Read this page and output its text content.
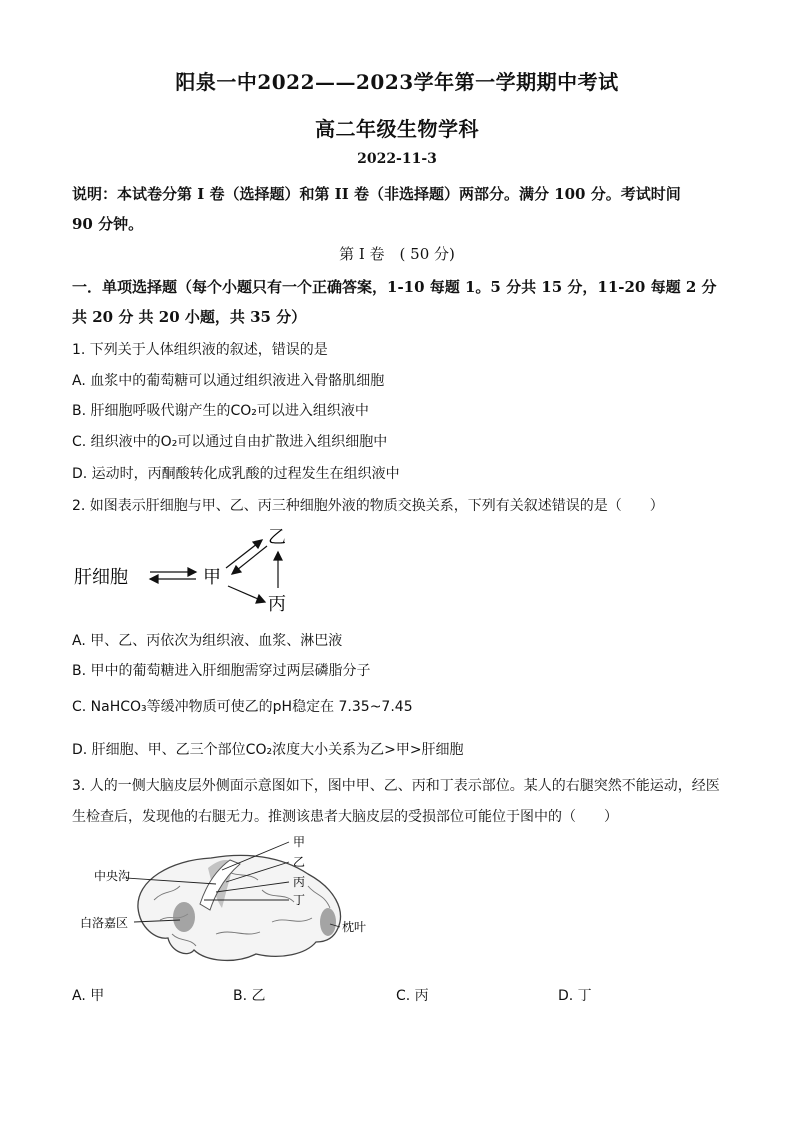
阳泉一中2022——2023学年第一学期期中考试
高二年级生物学科
2022-11-3
说明：本试卷分第 I 卷（选择题）和第 II 卷（非选择题）两部分。满分 100 分。考试时间
90 分钟。
第 I 卷　( 50 分)
一．单项选择题（每个小题只有一个正确答案，1-10 每题 1。5 分共 15 分，11-20 每题 2 分
共 20 分 共 20 小题，共 35 分）
1. 下列关于人体组织液的叙述，错误的是
A. 血浆中的葡萄糖可以通过组织液进入骨骼肌细胞
B. 肝细胞呼吸代谢产生的CO₂可以进入组织液中
C. 组织液中的O₂可以通过自由扩散进入组织细胞中
D. 运动时，丙酮酸转化成乳酸的过程发生在组织液中
2. 如图表示肝细胞与甲、乙、丙三种细胞外液的物质交换关系，下列有关叙述错误的是（　　）
肝细胞	甲
乙
丙
A. 甲、乙、丙依次为组织液、血浆、淋巴液
B. 甲中的葡萄糖进入肝细胞需穿过两层磷脂分子
C. NaHCO₃等缓冲物质可使乙的pH稳定在 7.35~7.45
D. 肝细胞、甲、乙三个部位CO₂浓度大小关系为乙>甲>肝细胞
3. 人的一侧大脑皮层外侧面示意图如下，图中甲、乙、丙和丁表示部位。某人的右腿突然不能运动，经医
生检查后，发现他的右腿无力。推测该患者大脑皮层的受损部位可能位于图中的（　　）
中央沟
白洛嘉区	枕叶
甲
乙
丙
丁
A. 甲	B. 乙	C. 丙	D. 丁
